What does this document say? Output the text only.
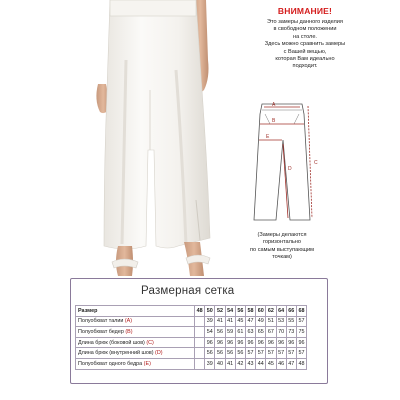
ВНИМАНИЕ!
Это замеры данного изделия
в свободном положении
на столе.
Здесь можно сравнить замеры
с Вашей вещью,
которая Вам идеально
подходит.
A
B
C
D
E
(Замеры делаются
горизонтально
по самым выступающим
точкам)
Размерная сетка
Размер	48	50	52	54	56	58	60	62	64	66	68
Полуобхват талии (A)		39	41	41	45	47	49	51	53	55	57
Полуобхват бедер (B)		54	56	59	61	63	65	67	70	73	75
Длина брюк (боковой шов) (C)		96	96	96	96	96	96	96	96	96	96
Длина брюк (внутренний шов) (D)		56	56	56	56	57	57	57	57	57	57
Полуобхват одного бедра (E)		39	40	41	42	43	44	45	46	47	48
